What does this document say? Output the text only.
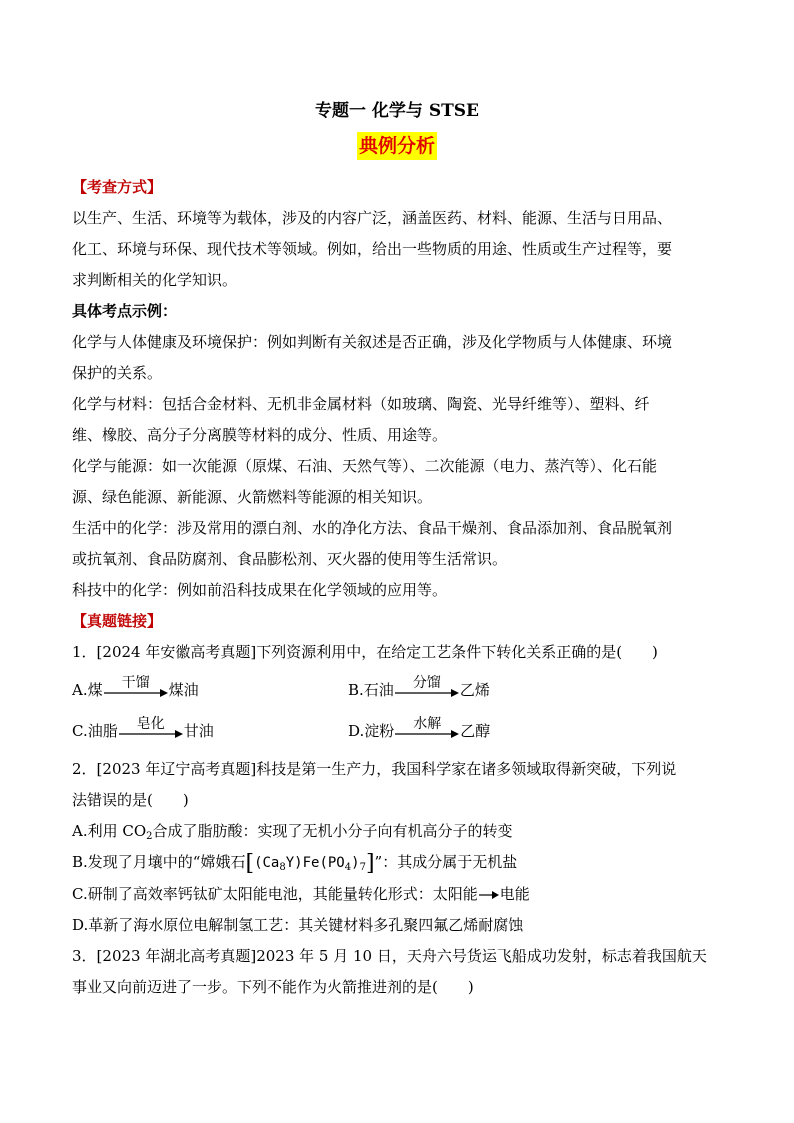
专题一 化学与 STSE
典例分析

【考查方式】

以生产、生活、环境等为载体，涉及的内容广泛，涵盖医药、材料、能源、生活与日用品、

化工、环境与环保、现代技术等领域。例如，给出一些物质的用途、性质或生产过程等，要

求判断相关的化学知识。

具体考点示例：

化学与人体健康及环境保护：例如判断有关叙述是否正确，涉及化学物质与人体健康、环境

保护的关系。

化学与材料：包括合金材料、无机非金属材料（如玻璃、陶瓷、光导纤维等）、塑料、纤

维、橡胶、高分子分离膜等材料的成分、性质、用途等。

化学与能源：如一次能源（原煤、石油、天然气等）、二次能源（电力、蒸汽等）、化石能

源、绿色能源、新能源、火箭燃料等能源的相关知识。

生活中的化学：涉及常用的漂白剂、水的净化方法、食品干燥剂、食品添加剂、食品脱氧剂

或抗氧剂、食品防腐剂、食品膨松剂、灭火器的使用等生活常识。

科技中的化学：例如前沿科技成果在化学领域的应用等。

【真题链接】

1．[2024 年安徽高考真题]下列资源利用中，在给定工艺条件下转化关系正确的是(　　)

A.煤	干馏	煤油	B.石油	分馏	乙烯
C.油脂	皂化	甘油	D.淀粉	水解	乙醇

2．[2023 年辽宁高考真题]科技是第一生产力，我国科学家在诸多领域取得新突破，下列说

法错误的是(　　)

A.利用 $CO_2$合成了脂肪酸：实现了无机小分子向有机高分子的转变

B.发现了月壤中的“嫦娥石$[(Ca_8Y)Fe(PO_4)_7]$”：其成分属于无机盐

C.研制了高效率钙钛矿太阳能电池，其能量转化形式：太阳能 电能

D.革新了海水原位电解制氢工艺：其关键材料多孔聚四氟乙烯耐腐蚀

3．[2023 年湖北高考真题]2023 年 5 月 10 日，天舟六号货运飞船成功发射，标志着我国航天

事业又向前迈进了一步。下列不能作为火箭推进剂的是(　　)
